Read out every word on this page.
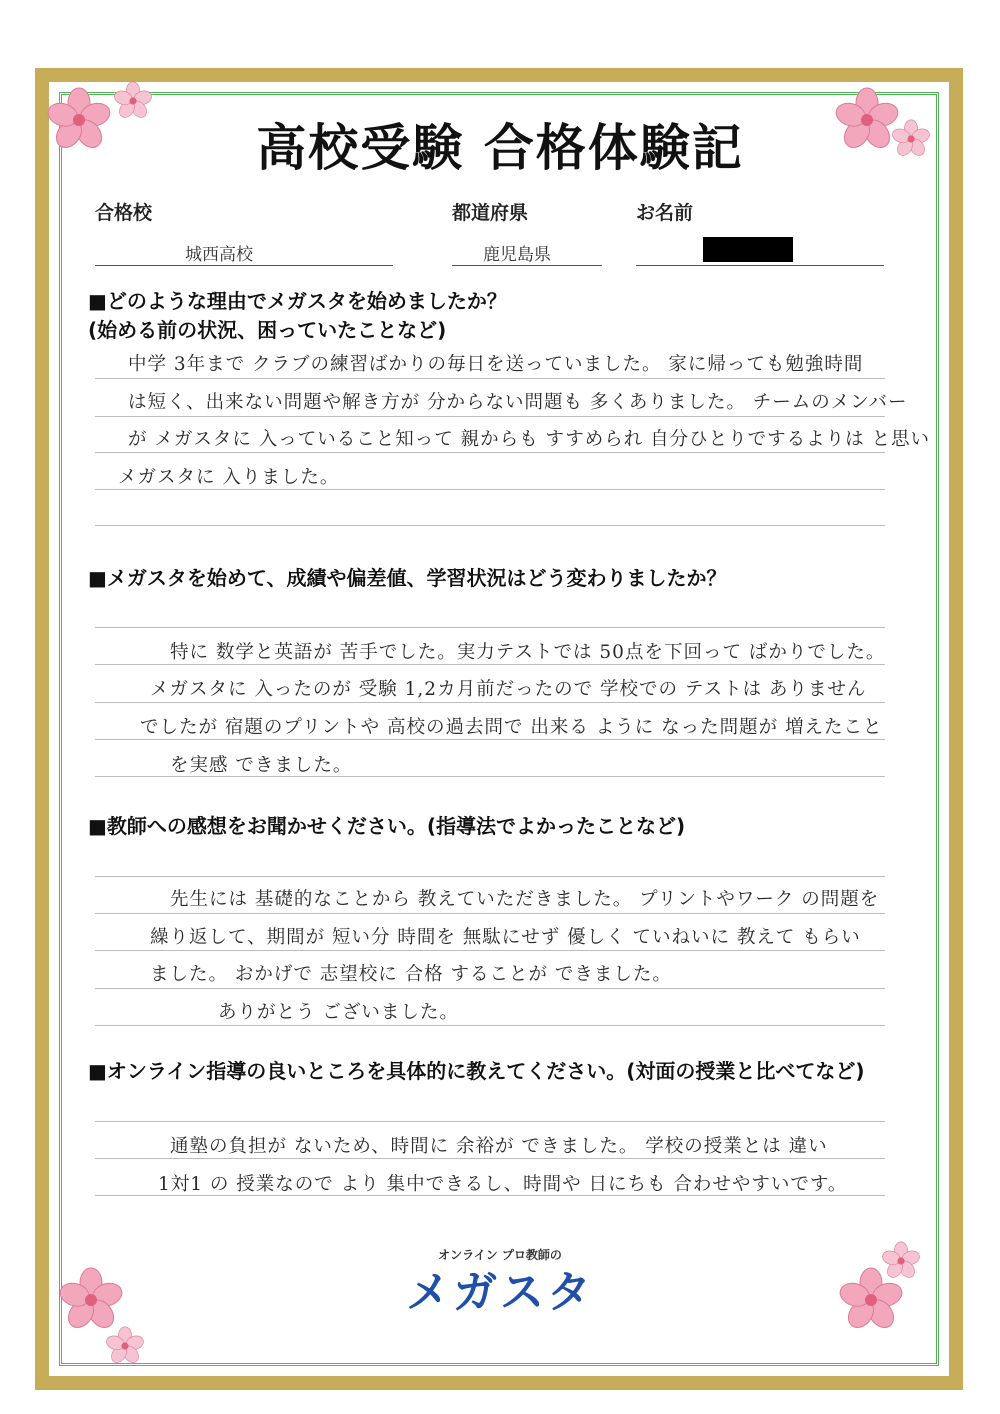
高校受験 合格体験記
合格校	都道府県	お名前
城西高校	鹿児島県
■どのような理由でメガスタを始めましたか？
(始める前の状況、困っていたことなど)
中学 3年まで クラブの練習ばかりの毎日を送っていました。 家に帰っても勉強時間
は短く、出来ない問題や解き方が 分からない問題も 多くありました。 チームのメンバー
が メガスタに 入っていること知って 親からも すすめられ 自分ひとりでするよりは と思い
メガスタに 入りました。
■メガスタを始めて、成績や偏差値、学習状況はどう変わりましたか？
特に 数学と英語が 苦手でした。実力テストでは 50点を下回って ばかりでした。
メガスタに 入ったのが 受験 1,2カ月前だったので 学校での テストは ありません
でしたが 宿題のプリントや 高校の過去問で 出来る ように なった問題が 増えたこと
を実感 できました。
■教師への感想をお聞かせください。(指導法でよかったことなど)
先生には 基礎的なことから 教えていただきました。 プリントやワーク の問題を
繰り返して、期間が 短い分 時間を 無駄にせず 優しく ていねいに 教えて もらい
ました。 おかげで 志望校に 合格 することが できました。
ありがとう ございました。
■オンライン指導の良いところを具体的に教えてください。(対面の授業と比べてなど)
通塾の負担が ないため、時間に 余裕が できました。 学校の授業とは 違い
1対1 の 授業なので より 集中できるし、時間や 日にちも 合わせやすいです。
オンライン プロ教師の
メガスタ
